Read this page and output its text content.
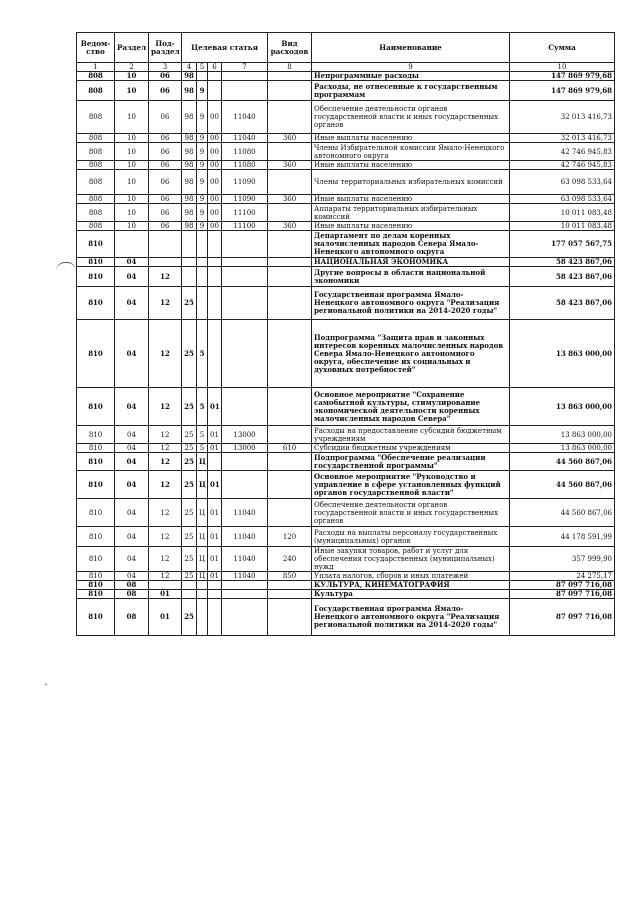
˄
Ведом-ство	Раздел	Под-раздел	Целевая статья				Вид расходов	Наименование	Сумма
1	2	3	4	5	6	7	8	9	10
808	10	06	98					Непрограммные расходы	147 869 979,68
808	10	06	98	9				Расходы, не отнесенные к государственным программам	147 869 979,68
808	10	06	98	9	00	11040		Обеспечение деятельности органов государственной власти и иных государственных органов	32 013 416,73
808	10	06	98	9	00	11040	360	Иные выплаты населению	32 013 416,73
808	10	06	98	9	00	11080		Члены Избирательной комиссии Ямало-Ненецкого автономного округа	42 746 945,83
808	10	06	98	9	00	11080	360	Иные выплаты населению	42 746 945,83
808	10	06	98	9	00	11090		Члены территориальных избирательных комиссий	63 098 533,64
808	10	06	98	9	00	11090	360	Иные выплаты населению	63 098 533,64
808	10	06	98	9	00	11100		Аппараты территориальных избирательных комиссий	10 011 083,48
808	10	06	98	9	00	11100	360	Иные выплаты населению	10 011 083,48
810								Департамент по делам коренных малочисленных народов Севера Ямало-Ненецкого автономного округа	177 057 567,75
810	04							НАЦИОНАЛЬНАЯ ЭКОНОМИКА	58 423 867,06
810	04	12						Другие вопросы в области национальной экономики	58 423 867,06
810	04	12	25					Государственная программа Ямало-Ненецкого автономного округа "Реализация региональной политики на 2014-2020 годы"	58 423 867,06
810	04	12	25	5				Подпрограмма "Защита прав и законных интересов коренных малочисленных народов Севера Ямало-Ненецкого автономного округа, обеспечение их социальных и духовных потребностей"	13 863 000,00
810	04	12	25	5	01			Основное мероприятие "Сохранение самобытной культуры, стимулирование экономической деятельности коренных малочисленных народов Севера"	13 863 000,00
810	04	12	25	5	01	13000		Расходы на предоставление субсидий бюджетным учреждениям	13 863 000,00
810	04	12	25	5	01	13000	610	Субсидии бюджетным учреждениям	13 863 000,00
810	04	12	25	Ц				Подпрограмма "Обеспечение реализации государственной программы"	44 560 867,06
810	04	12	25	Ц	01			Основное мероприятие "Руководство и управление в сфере установленных функций органов государственной власти"	44 560 867,06
810	04	12	25	Ц	01	11040		Обеспечение деятельности органов государственной власти и иных государственных органов	44 560 867,06
810	04	12	25	Ц	01	11040	120	Расходы на выплаты персоналу государственных (муниципальных) органов	44 178 591,99
810	04	12	25	Ц	01	11040	240	Иные закупки товаров, работ и услуг для обеспечения государственных (муниципальных) нужд	357 999,90
810	04	12	25	Ц	01	11040	850	Уплата налогов, сборов и иных платежей	24 275,17
810	08							КУЛЬТУРА, КИНЕМАТОГРАФИЯ	87 097 716,08
810	08	01						Культура	87 097 716,08
810	08	01	25					Государственная программа Ямало-Ненецкого автономного округа "Реализация региональной политики на 2014-2020 годы"	87 097 716,08
